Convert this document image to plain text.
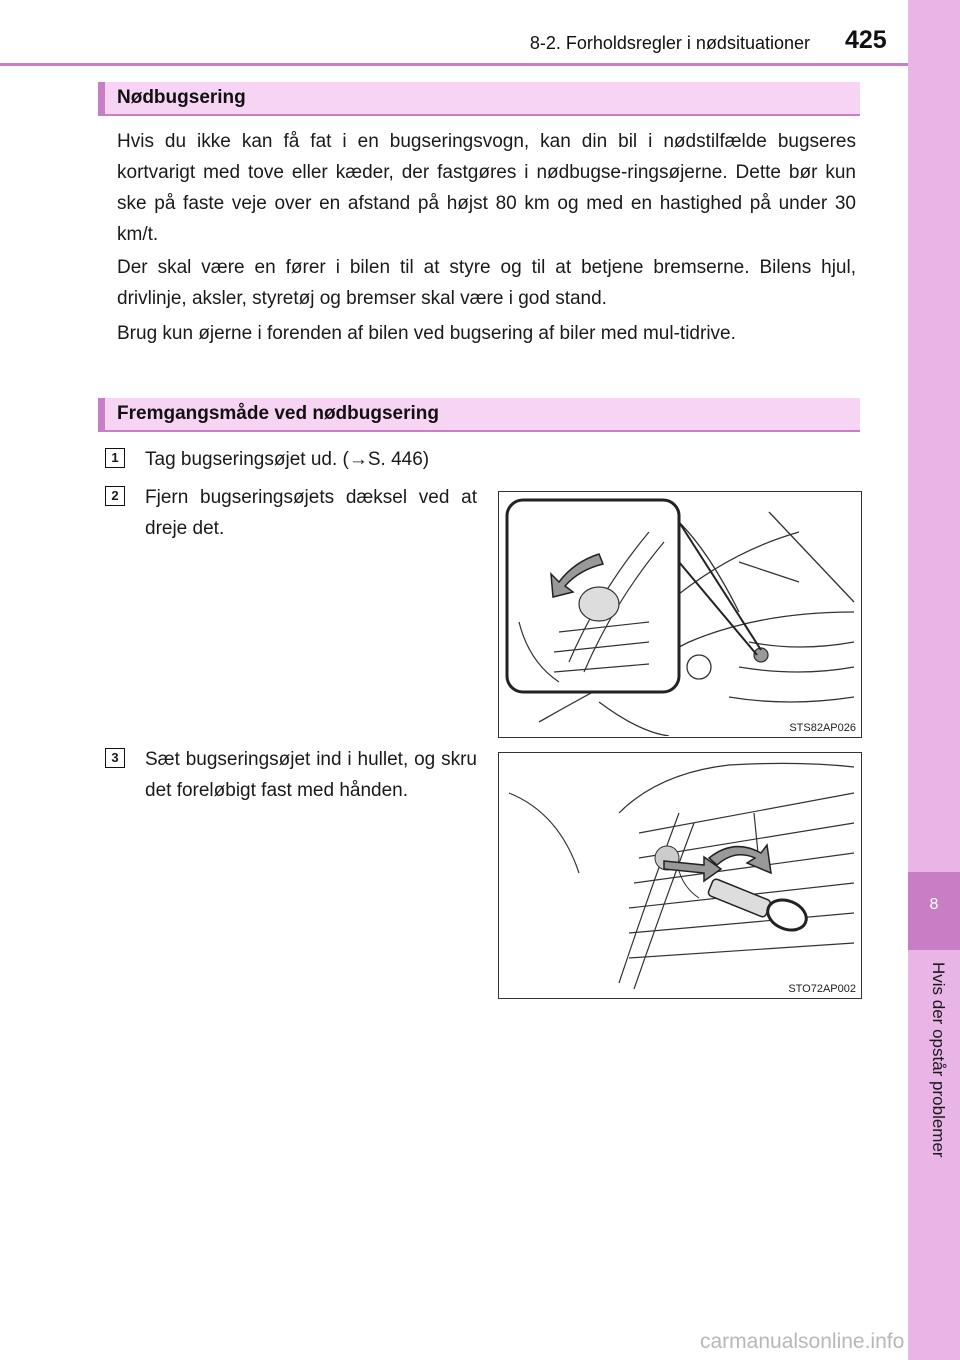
8
Hvis der opstår problemer
8-2. Forholdsregler i nødsituationer 425
Nødbugsering

Hvis du ikke kan få fat i en bugseringsvogn, kan din bil i nødstilfælde bugseres kortvarigt med tove eller kæder, der fastgøres i nødbugse-ringsøjerne. Dette bør kun ske på faste veje over en afstand på højst 80 km og med en hastighed på under 30 km/t.

Der skal være en fører i bilen til at styre og til at betjene bremserne. Bilens hjul, drivlinje, aksler, styretøj og bremser skal være i god stand.

Brug kun øjerne i forenden af bilen ved bugsering af biler med mul-tidrive.

Fremgangsmåde ved nødbugsering
1	Tag bugseringsøjet ud. (→S. 446)

2	Fjern bugseringsøjets dæksel ved at dreje det.

3	Sæt bugseringsøjet ind i hullet, og skru det foreløbigt fast med hånden.

STS82AP026
STO72AP002
carmanualsonline.info
